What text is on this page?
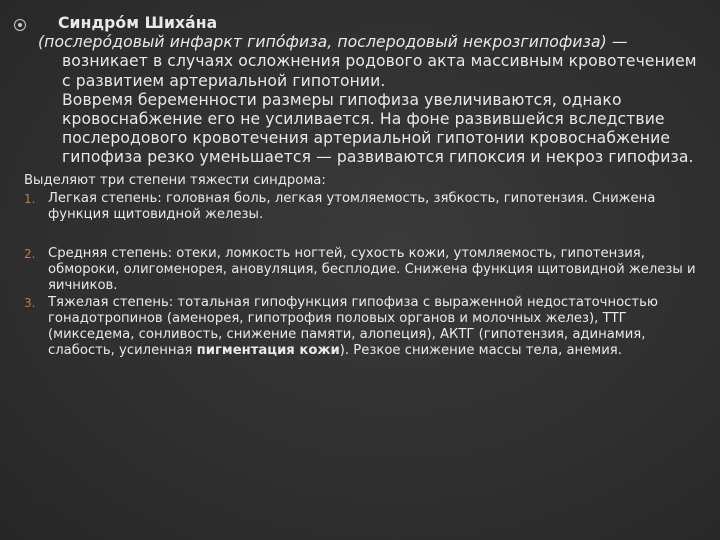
Синдро́м Шиха́на
(послеро́довый инфаркт гипо́физа, послеродовый некрозгипофиза) — возникает в случаях осложнения родового акта массивным кровотечением с развитием артериальной гипотонии.
Вовремя беременности размеры гипофиза увеличиваются, однако кровоснабжение его не усиливается. На фоне развившейся вследствие послеродового кровотечения артериальной гипотонии кровоснабжение гипофиза резко уменьшается — развиваются гипоксия и некроз гипофиза.
Выделяют три степени тяжести синдрома:
1. Легкая степень: головная боль, легкая утомляемость, зябкость, гипотензия. Снижена функция щитовидной железы.
2. Средняя степень: отеки, ломкость ногтей, сухость кожи, утомляемость, гипотензия, обмороки, олигоменорея, ановуляция, бесплодие. Снижена функция щитовидной железы и яичников.
3. Тяжелая степень: тотальная гипофункция гипофиза с выраженной недостаточностью гонадотропинов (аменорея, гипотрофия половых органов и молочных желез), ТТГ (микседема, сонливость, снижение памяти, алопеция), АКТГ (гипотензия, адинамия, слабость, усиленная пигментация кожи). Резкое снижение массы тела, анемия.
